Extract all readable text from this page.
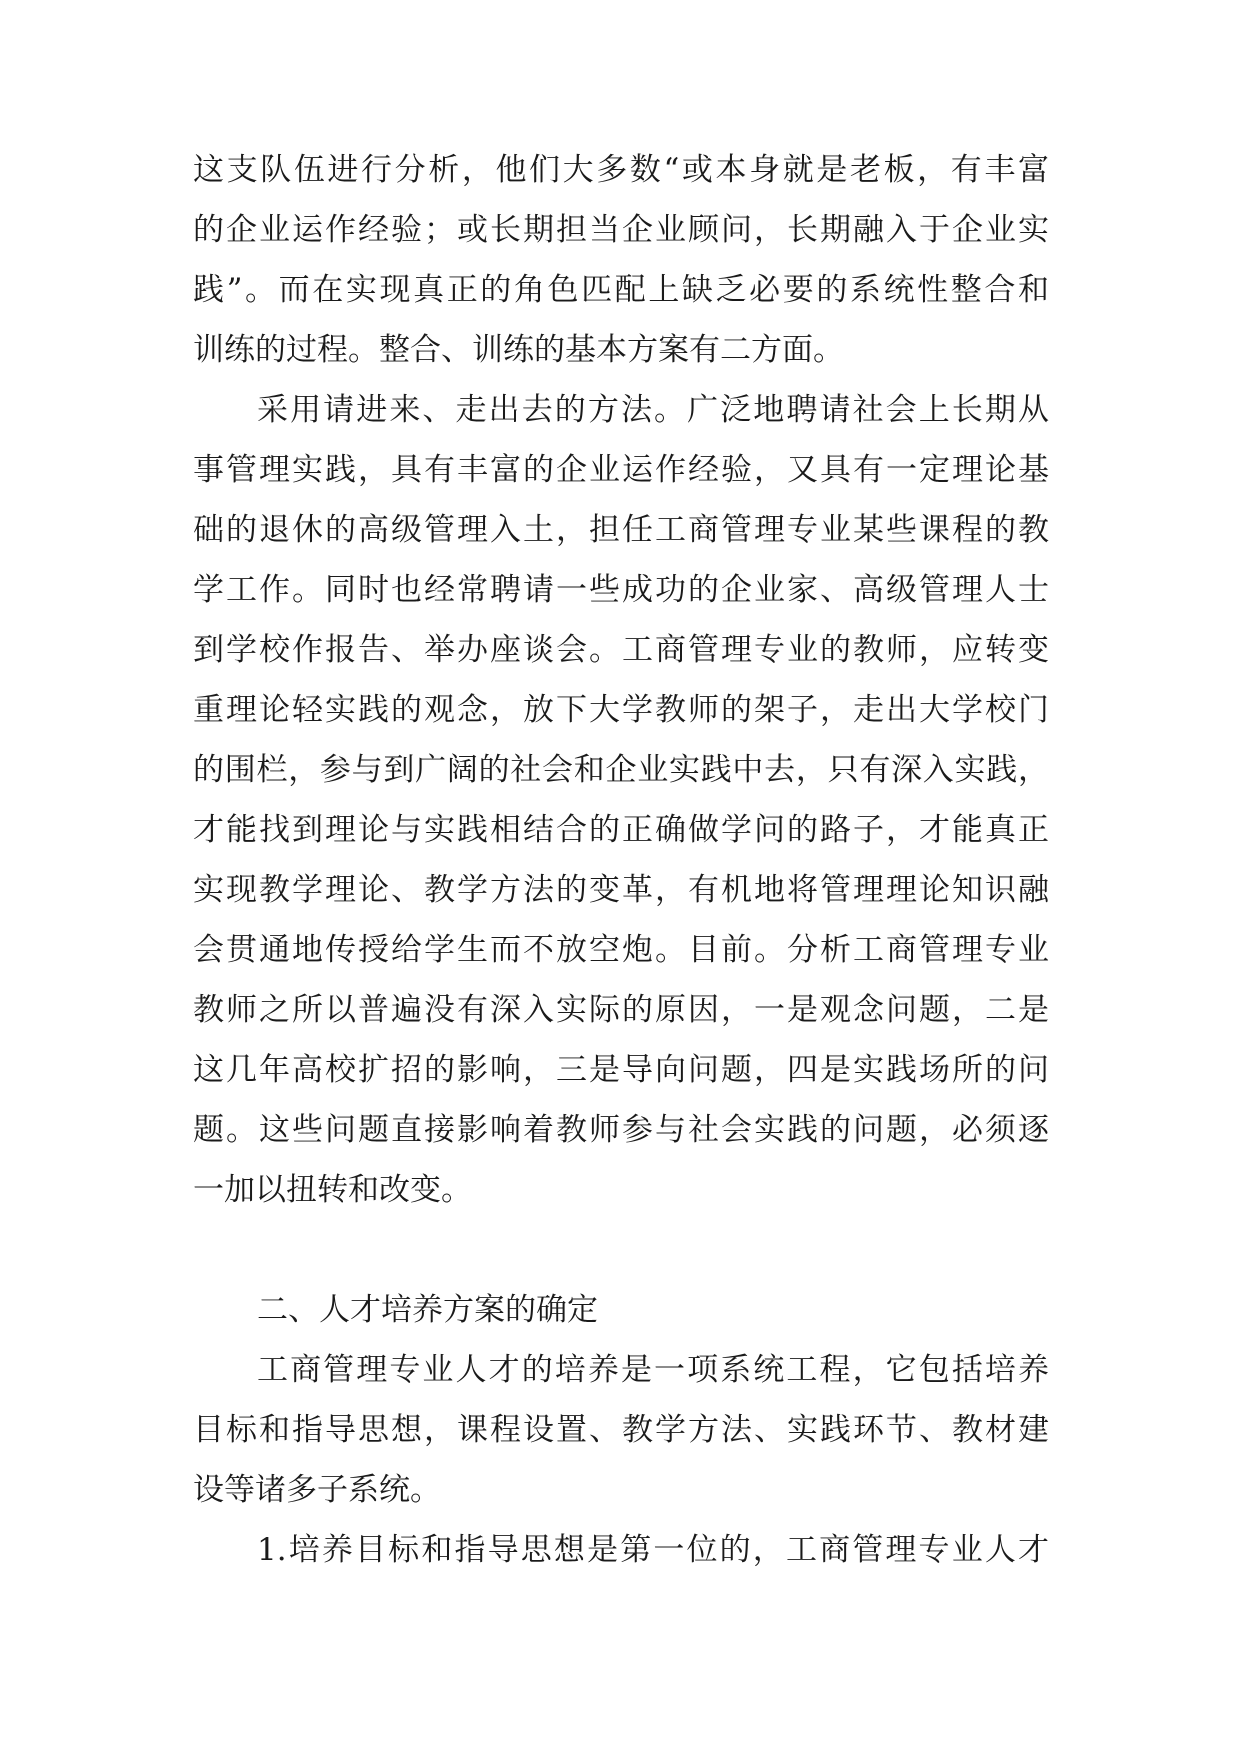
这支队伍进行分析，他们大多数“或本身就是老板，有丰富
的企业运作经验；或长期担当企业顾问，长期融入于企业实
践”。而在实现真正的角色匹配上缺乏必要的系统性整合和
训练的过程。整合、训练的基本方案有二方面。
采用请进来、走出去的方法。广泛地聘请社会上长期从
事管理实践，具有丰富的企业运作经验，又具有一定理论基
础的退休的高级管理入土，担任工商管理专业某些课程的教
学工作。同时也经常聘请一些成功的企业家、高级管理人士
到学校作报告、举办座谈会。工商管理专业的教师，应转变
重理论轻实践的观念，放下大学教师的架子，走出大学校门
的围栏，参与到广阔的社会和企业实践中去，只有深入实践，
才能找到理论与实践相结合的正确做学问的路子，才能真正
实现教学理论、教学方法的变革，有机地将管理理论知识融
会贯通地传授给学生而不放空炮。目前。分析工商管理专业
教师之所以普遍没有深入实际的原因，一是观念问题，二是
这几年高校扩招的影响，三是导向问题，四是实践场所的问
题。这些问题直接影响着教师参与社会实践的问题，必须逐
一加以扭转和改变。
二、人才培养方案的确定
工商管理专业人才的培养是一项系统工程，它包括培养
目标和指导思想，课程设置、教学方法、实践环节、教材建
设等诸多子系统。
1.培养目标和指导思想是第一位的，工商管理专业人才
